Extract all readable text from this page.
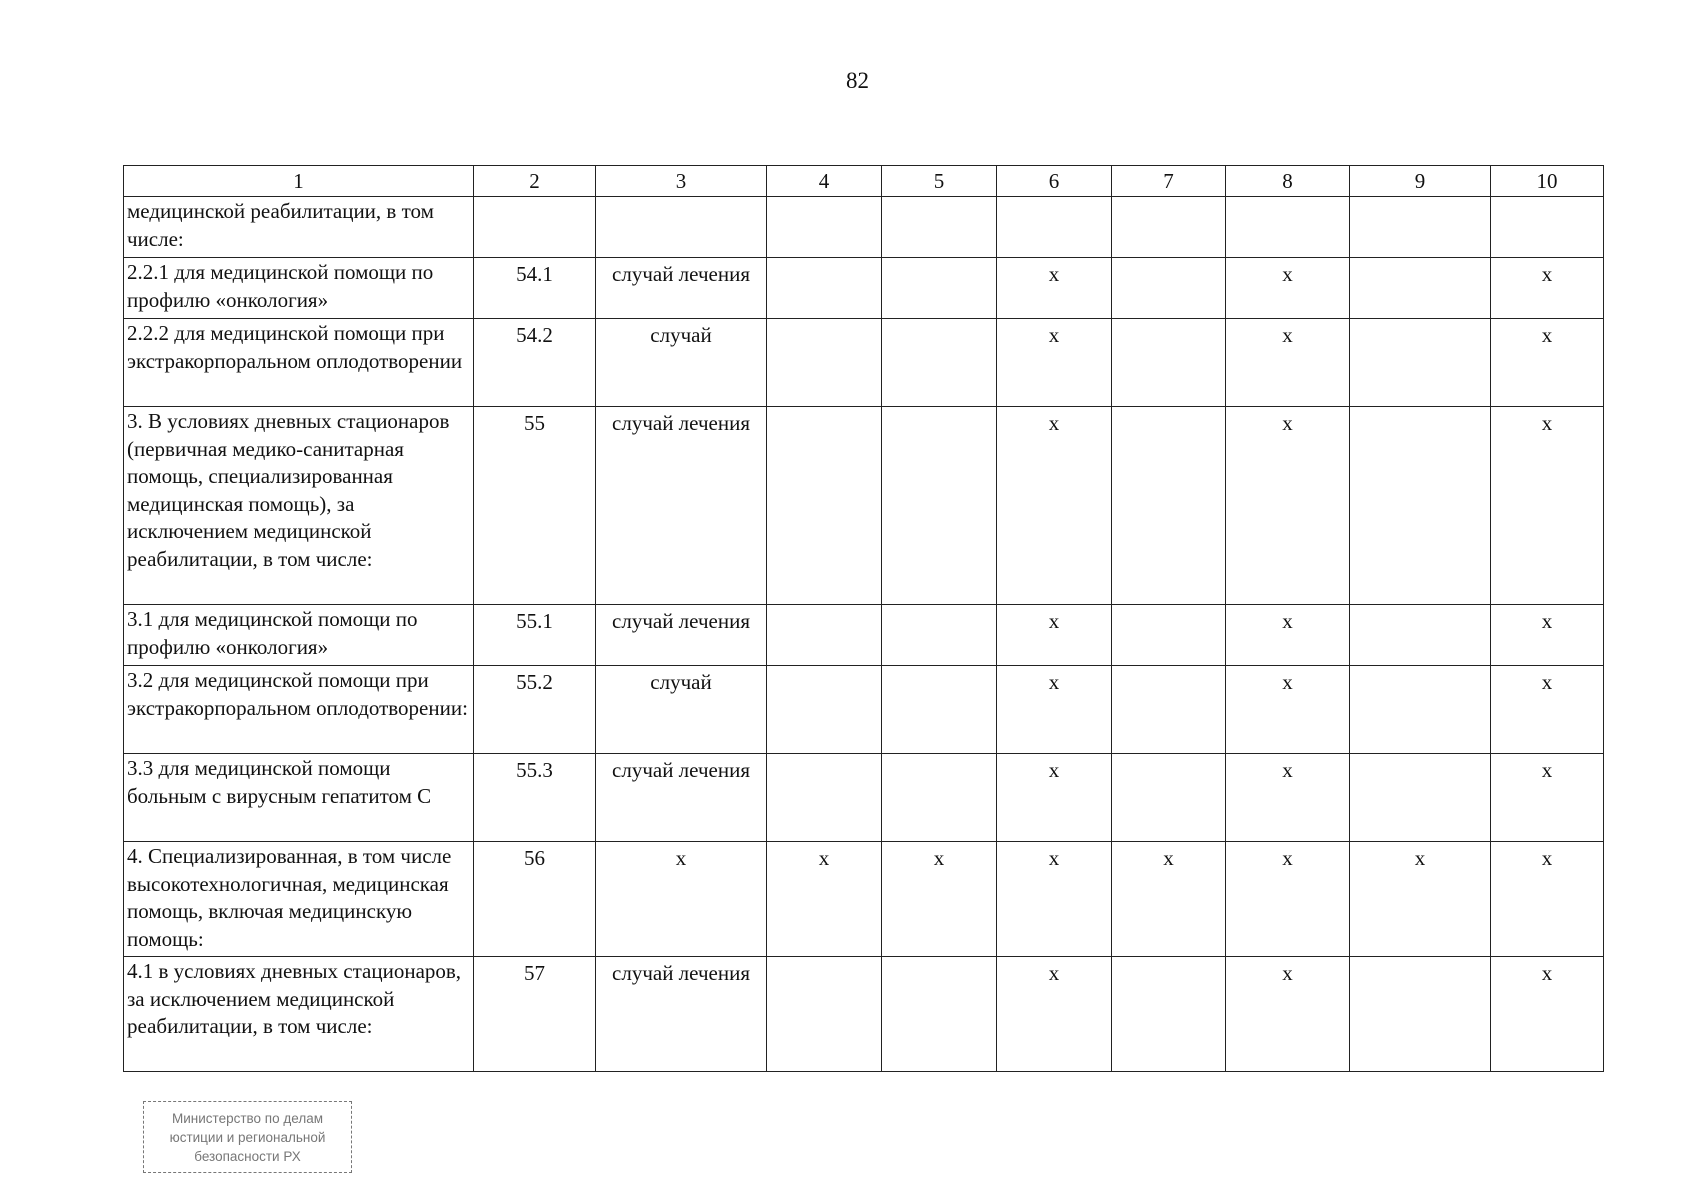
82
1	2	3	4	5	6	7	8	9	10
медицинской реабилитации, в том числе:									
2.2.1 для медицинской помощи по профилю «онкология»	54.1	случай лечения			х		х		х
2.2.2 для медицинской помощи при экстракорпоральном оплодотворении	54.2	случай			х		х		х
3. В условиях дневных стационаров (первичная медико-санитарная помощь, специализированная медицинская помощь), за исключением медицинской реабилитации, в том числе:	55	случай лечения			х		х		х
3.1 для медицинской помощи по профилю «онкология»	55.1	случай лечения			х		х		х
3.2 для медицинской помощи при экстракорпоральном оплодотворении:	55.2	случай			х		х		х
3.3 для медицинской помощи больным с вирусным гепатитом С	55.3	случай лечения			х		х		х
4. Специализированная, в том числе высокотехнологичная, медицинская помощь, включая медицинскую помощь:	56	х	х	х	х	х	х	х	х
4.1 в условиях дневных стационаров, за исключением медицинской реабилитации, в том числе:	57	случай лечения			х		х		х
Министерство по делам
юстиции и региональной
безопасности РХ
